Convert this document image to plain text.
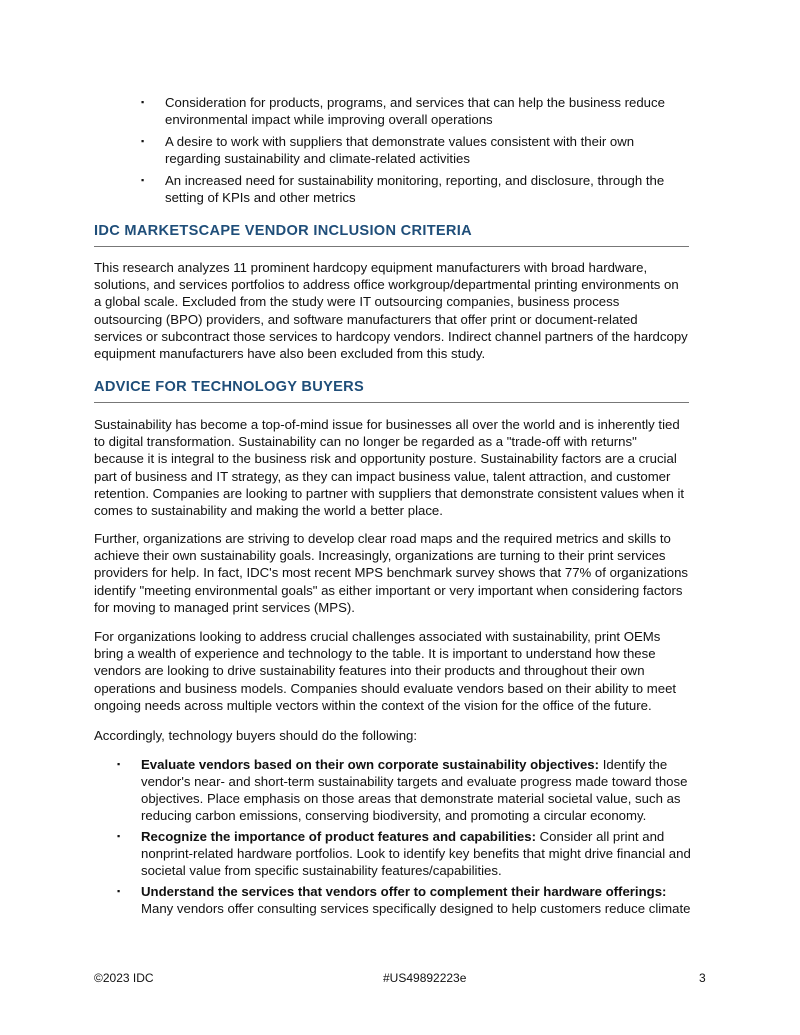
▪ Consideration for products, programs, and services that can help the business reduce environmental impact while improving overall operations
▪ A desire to work with suppliers that demonstrate values consistent with their own regarding sustainability and climate-related activities
▪ An increased need for sustainability monitoring, reporting, and disclosure, through the setting of KPIs and other metrics
IDC MARKETSCAPE VENDOR INCLUSION CRITERIA

This research analyzes 11 prominent hardcopy equipment manufacturers with broad hardware, solutions, and services portfolios to address office workgroup/departmental printing environments on a global scale. Excluded from the study were IT outsourcing companies, business process outsourcing (BPO) providers, and software manufacturers that offer print or document-related services or subcontract those services to hardcopy vendors. Indirect channel partners of the hardcopy equipment manufacturers have also been excluded from this study.

ADVICE FOR TECHNOLOGY BUYERS

Sustainability has become a top-of-mind issue for businesses all over the world and is inherently tied to digital transformation. Sustainability can no longer be regarded as a "trade-off with returns" because it is integral to the business risk and opportunity posture. Sustainability factors are a crucial part of business and IT strategy, as they can impact business value, talent attraction, and customer retention. Companies are looking to partner with suppliers that demonstrate consistent values when it comes to sustainability and making the world a better place.

Further, organizations are striving to develop clear road maps and the required metrics and skills to achieve their own sustainability goals. Increasingly, organizations are turning to their print services providers for help. In fact, IDC's most recent MPS benchmark survey shows that 77% of organizations identify "meeting environmental goals" as either important or very important when considering factors for moving to managed print services (MPS).

For organizations looking to address crucial challenges associated with sustainability, print OEMs bring a wealth of experience and technology to the table. It is important to understand how these vendors are looking to drive sustainability features into their products and throughout their own operations and business models. Companies should evaluate vendors based on their ability to meet ongoing needs across multiple vectors within the context of the vision for the office of the future.

Accordingly, technology buyers should do the following:

▪ Evaluate vendors based on their own corporate sustainability objectives: Identify the vendor's near- and short-term sustainability targets and evaluate progress made toward those objectives. Place emphasis on those areas that demonstrate material societal value, such as reducing carbon emissions, conserving biodiversity, and promoting a circular economy.
▪ Recognize the importance of product features and capabilities: Consider all print and nonprint-related hardware portfolios. Look to identify key benefits that might drive financial and societal value from specific sustainability features/capabilities.
▪ Understand the services that vendors offer to complement their hardware offerings: Many vendors offer consulting services specifically designed to help customers reduce climate
©2023 IDC	#US49892223e	3
